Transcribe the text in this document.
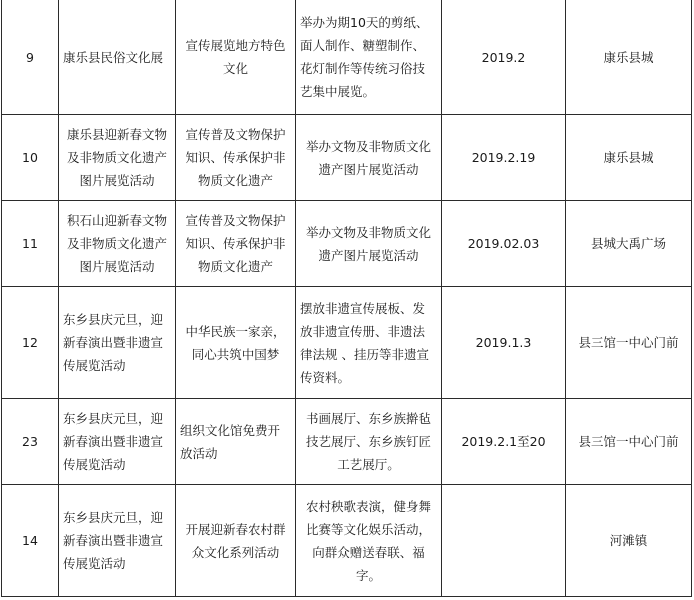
9	康乐县民俗文化展	宣传展览地方特色文化	举办为期10天的剪纸、面人制作、糖塑制作、花灯制作等传统习俗技艺集中展览。	2019.2	康乐县城
10	康乐县迎新春文物及非物质文化遗产图片展览活动	宣传普及文物保护知识、传承保护非物质文化遗产	举办文物及非物质文化遗产图片展览活动	2019.2.19	康乐县城
11	积石山迎新春文物及非物质文化遗产图片展览活动	宣传普及文物保护知识、传承保护非物质文化遗产	举办文物及非物质文化遗产图片展览活动	2019.02.03	县城大禹广场
12	东乡县庆元旦，迎新春演出暨非遗宣传展览活动	中华民族一家亲，同心共筑中国梦	摆放非遗宣传展板、发放非遗宣传册、非遗法律法规 、挂历等非遗宣传资料。	2019.1.3	县三馆一中心门前
23	东乡县庆元旦，迎新春演出暨非遗宣传展览活动	组织文化馆免费开放活动	书画展厅、东乡族擀毡技艺展厅、东乡族钉匠工艺展厅。	2019.2.1至20	县三馆一中心门前
14	东乡县庆元旦，迎新春演出暨非遗宣传展览活动	开展迎新春农村群众文化系列活动	农村秧歌表演，健身舞比赛等文化娱乐活动，向群众赠送春联、福字。		河滩镇
